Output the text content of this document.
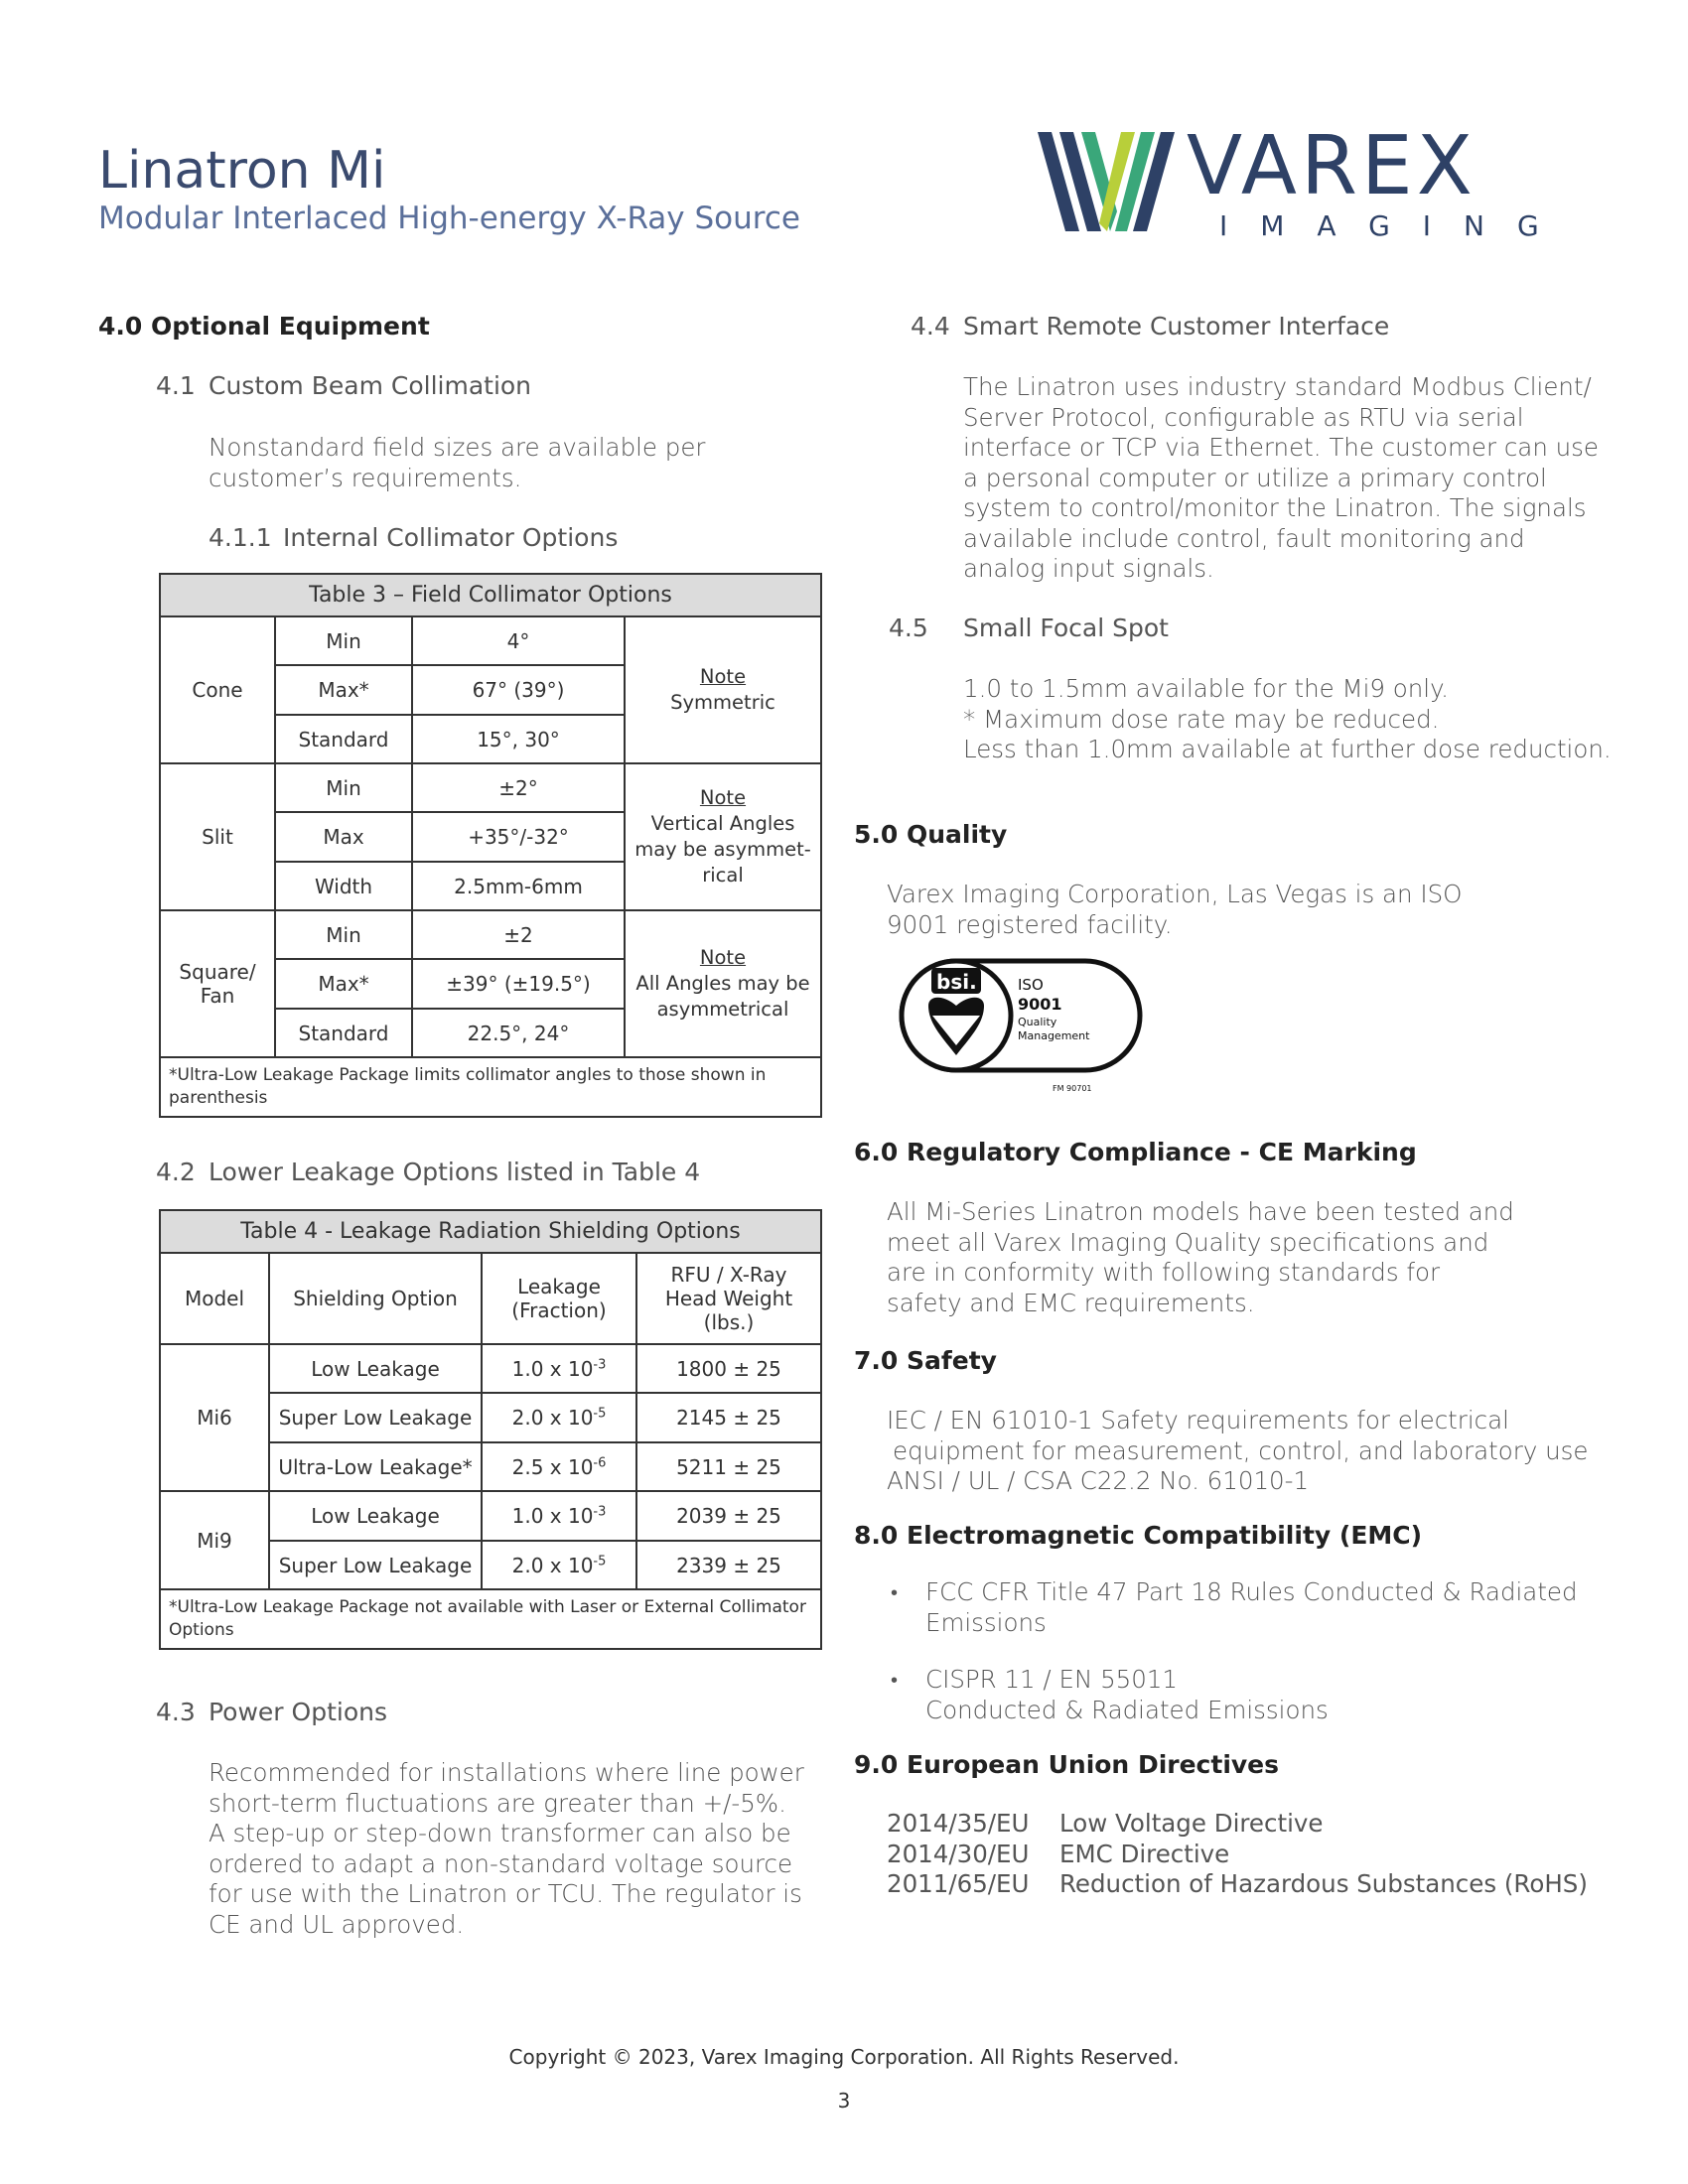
Linatron Mi
Modular Interlaced High-energy X-Ray Source
VAREX
IMAGING
4.0 Optional Equipment
4.1 Custom Beam Collimation
Nonstandard field sizes are available per customer’s requirements.
4.1.1 Internal Collimator Options
Table 3 – Field Collimator Options			
Cone	Min	4°	Note
Symmetric
	Max*	67° (39°)	
	Standard	15°, 30°	
Slit	Min	±2°	Note
Vertical Angles may be asymmet-rical
	Max	+35°/-32°	
	Width	2.5mm-6mm	
Square/ Fan	Min	±2	Note
All Angles may be asymmetrical
	Max*	±39° (±19.5°)	
	Standard	22.5°, 24°	
*Ultra-Low Leakage Package limits collimator angles to those shown in parenthesis			
4.2 Lower Leakage Options listed in Table 4
Table 4 - Leakage Radiation Shielding Options			
Model	Shielding Option	Leakage (Fraction)	RFU / X-Ray Head Weight (lbs.)
Mi6	Low Leakage	1.0 x $10^{-3}$	1800 ± 25
	Super Low Leakage	2.0 x $10^{-5}$	2145 ± 25
	Ultra-Low Leakage*	2.5 x $10^{-6}$	5211 ± 25
Mi9	Low Leakage	1.0 x $10^{-3}$	2039 ± 25
	Super Low Leakage	2.0 x $10^{-5}$	2339 ± 25
*Ultra-Low Leakage Package not available with Laser or External Collimator Options			
4.3 Power Options
Recommended for installations where line power short-term fluctuations are greater than +/-5%. A step-up or step-down transformer can also be ordered to adapt a non-standard voltage source for use with the Linatron or TCU. The regulator is CE and UL approved.
4.4 Smart Remote Customer Interface
The Linatron uses industry standard Modbus Client/ Server Protocol, configurable as RTU via serial interface or TCP via Ethernet. The customer can use a personal computer or utilize a primary control system to control/monitor the Linatron. The signals available include control, fault monitoring and analog input signals.
4.5 Small Focal Spot
1.0 to 1.5mm available for the Mi9 only.
* Maximum dose rate may be reduced.
Less than 1.0mm available at further dose reduction.
5.0 Quality
Varex Imaging Corporation, Las Vegas is an ISO 9001 registered facility.
bsi.	ISO
9001
Quality
Management
FM 90701
6.0 Regulatory Compliance - CE Marking
All Mi-Series Linatron models have been tested and meet all Varex Imaging Quality specifications and are in conformity with following standards for safety and EMC requirements.
7.0 Safety
IEC / EN 61010-1 Safety requirements for electrical
equipment for measurement, control, and laboratory use
ANSI / UL / CSA C22.2 No. 61010-1
8.0 Electromagnetic Compatibility (EMC)
• FCC CFR Title 47 Part 18 Rules Conducted & Radiated
Emissions
• CISPR 11 / EN 55011
Conducted & Radiated Emissions
9.0 European Union Directives
2014/35/EU	Low Voltage Directive
2014/30/EU	EMC Directive
2011/65/EU	Reduction of Hazardous Substances (RoHS)
Copyright © 2023, Varex Imaging Corporation. All Rights Reserved.
3
